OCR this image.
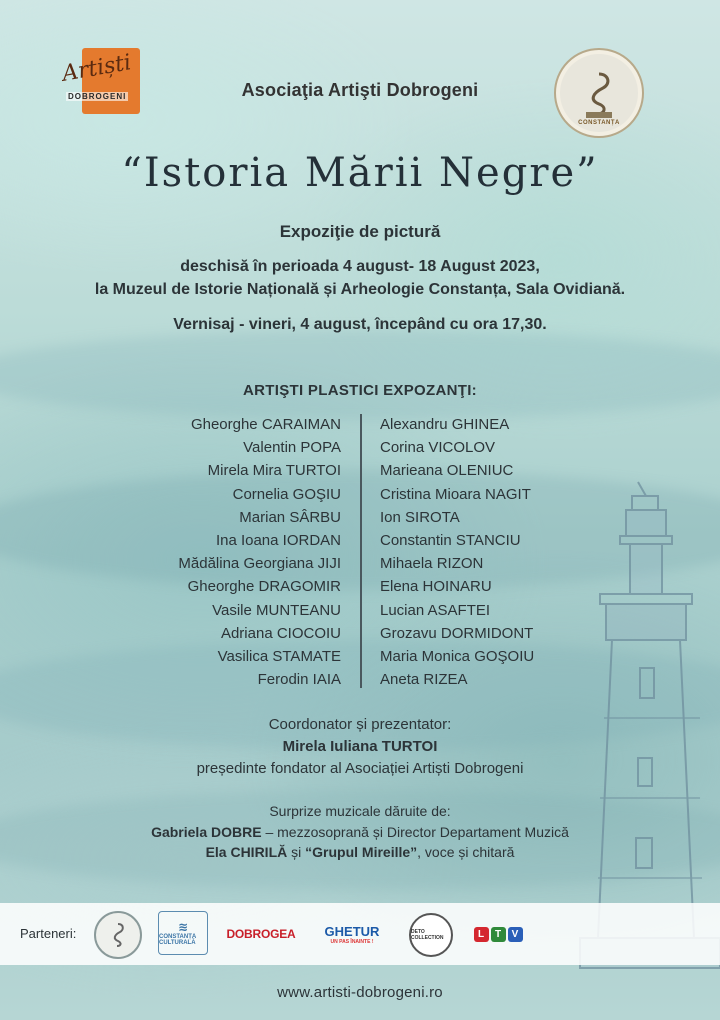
Artiști
DOBROGENI
CONSTANȚA
Asociaţia Artişti Dobrogeni
“Istoria Mării Negre”
Expoziţie de pictură
deschisă în perioada 4 august- 18 August 2023,
la Muzeul de Istorie Națională și Arheologie Constanța, Sala Ovidiană.
Vernisaj - vineri, 4 august, începând cu ora 17,30.
ARTIŞTI PLASTICI EXPOZANŢI:
Gheorghe CARAIMAN
Valentin POPA
Mirela Mira TURTOI
Cornelia GOŞIU
Marian SÂRBU
Ina Ioana IORDAN
Mădălina Georgiana JIJI
Gheorghe DRAGOMIR
Vasile MUNTEANU
Adriana CIOCOIU
Vasilica STAMATE
Ferodin IAIA
Alexandru GHINEA
Corina VICOLOV
Marieana OLENIUC
Cristina Mioara NAGIT
Ion SIROTA
Constantin STANCIU
Mihaela RIZON
Elena HOINARU
Lucian ASAFTEI
Grozavu DORMIDONT
Maria Monica GOŞOIU
Aneta RIZEA
Coordonator și prezentator:
Mirela Iuliana TURTOI
președinte fondator al Asociației Artiști Dobrogeni
Surprize muzicale dăruite de:
Gabriela DOBRE – mezzosoprană și Director Departament Muzică
Ela CHIRILĂ și “Grupul Mireille”, voce și chitară
Parteneri:	≋
CONSTANȚA CULTURALĂ
DOBROGEA	GHETUR
UN PAS ÎNAINTE !
DETO COLLECTION	L	T	V
www.artisti-dobrogeni.ro
